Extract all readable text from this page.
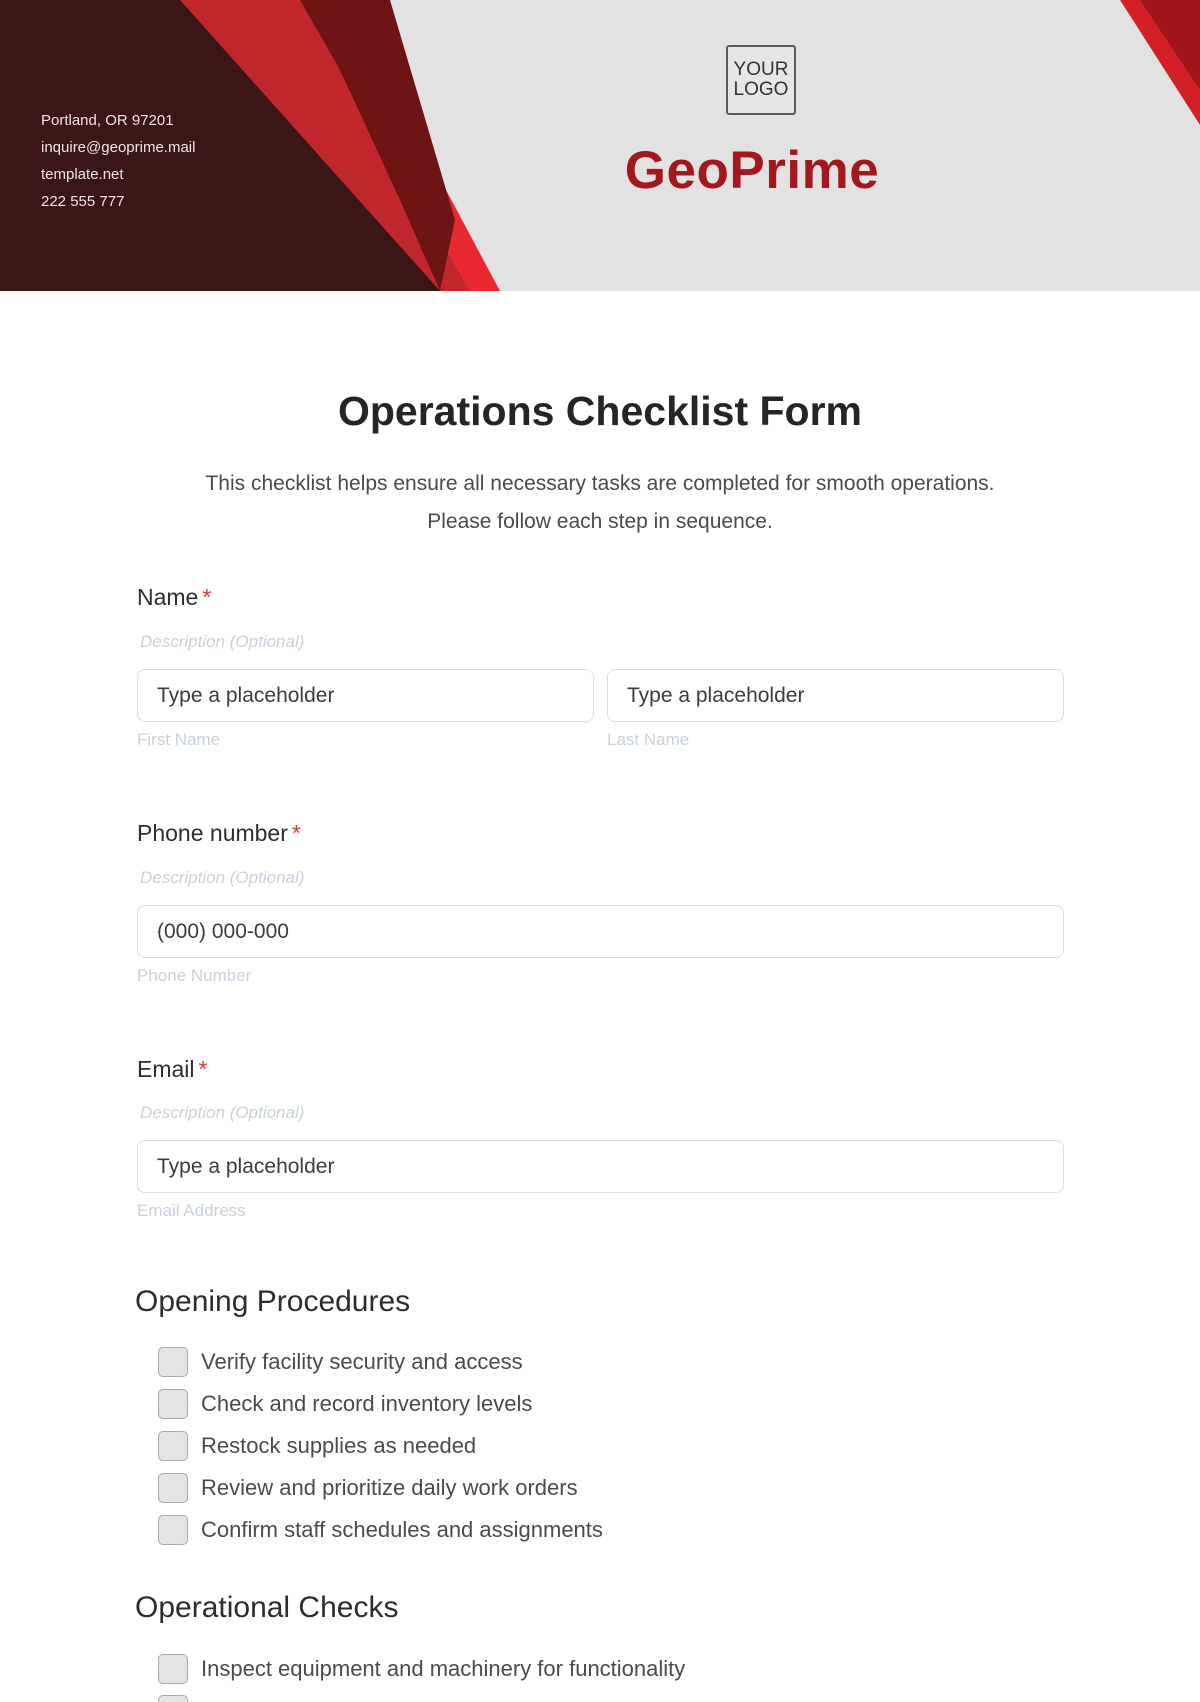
Portland, OR 97201
inquire@geoprime.mail
template.net
222 555 777
YOUR
LOGO
GeoPrime
Operations Checklist Form
This checklist helps ensure all necessary tasks are completed for smooth operations.
Please follow each step in sequence.
Name *
Description (Optional)
Type a placeholder	Type a placeholder
First Name	Last Name
Phone number *
Description (Optional)
(000) 000-000
Phone Number
Email *
Description (Optional)
Type a placeholder
Email Address
Opening Procedures
Verify facility security and access
Check and record inventory levels
Restock supplies as needed
Review and prioritize daily work orders
Confirm staff schedules and assignments
Operational Checks
Inspect equipment and machinery for functionality
